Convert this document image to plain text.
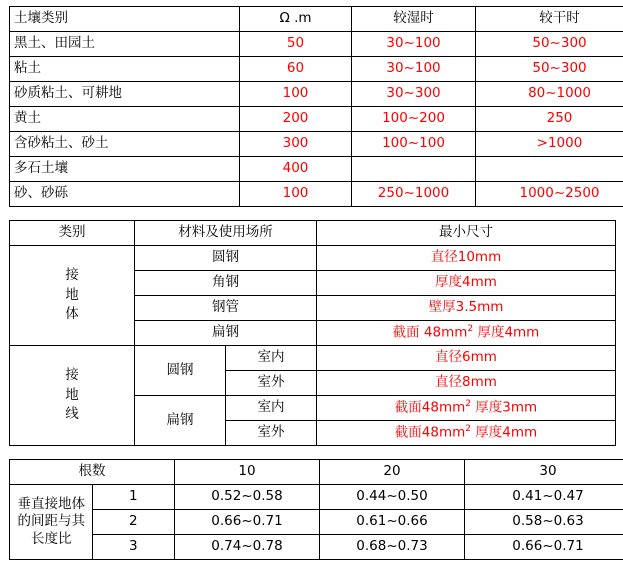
土壤类别	Ω .m	较湿时	较干时
黑土、田园土	50	30~100	50~300
粘土	60	30~100	50~300
砂质粘土、可耕地	100	30~300	80~1000
黄土	200	100~200	250
含砂粘土、砂土	300	100~100	>1000
多石土壤	400		
砂、砂砾	100	250~1000	1000~2500
类别	材料及使用场所		最小尺寸

接
地
体	圆钢		直径10mm
	角钢		厚度4mm
	钢管		壁厚3.5mm
	扁钢		截面 $48mm^2$ 厚度4mm

接
地
线	圆钢	室内	直径6mm
		室外	直径8mm
	扁钢	室内	截面$48mm^2$ 厚度3mm
		室外	截面$48mm^2$ 厚度4mm
根数		10	20	30
垂直接地体的间距与其长度比	1	0.52~0.58	0.44~0.50	0.41~0.47
	2	0.66~0.71	0.61~0.66	0.58~0.63
	3	0.74~0.78	0.68~0.73	0.66~0.71
